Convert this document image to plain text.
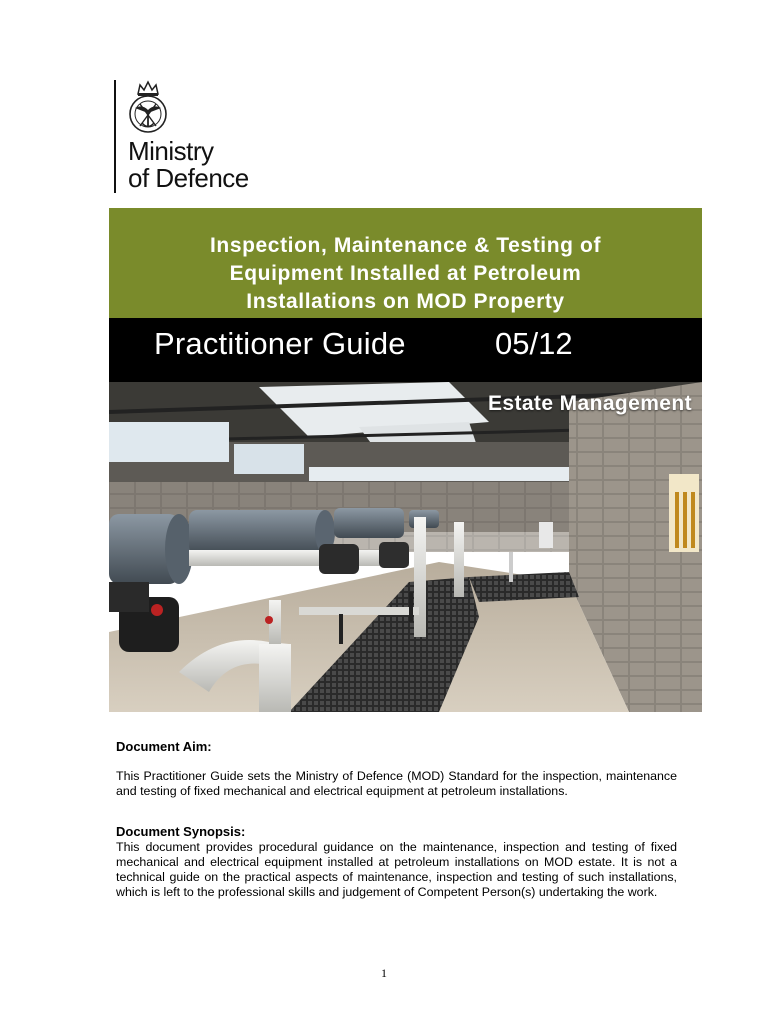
Ministry
of Defence
Inspection, Maintenance & Testing of
Equipment Installed at Petroleum
Installations on MOD Property
Practitioner Guide	05/12
Estate Management
Document Aim:
This Practitioner Guide sets the Ministry of Defence (MOD) Standard for the inspection, maintenance and testing of fixed mechanical and electrical equipment at petroleum installations.
Document Synopsis:
This document provides procedural guidance on the maintenance, inspection and testing of fixed mechanical and electrical equipment installed at petroleum installations on MOD estate. It is not a technical guide on the practical aspects of maintenance, inspection and testing of such installations, which is left to the professional skills and judgement of Competent Person(s) undertaking the work.
1
